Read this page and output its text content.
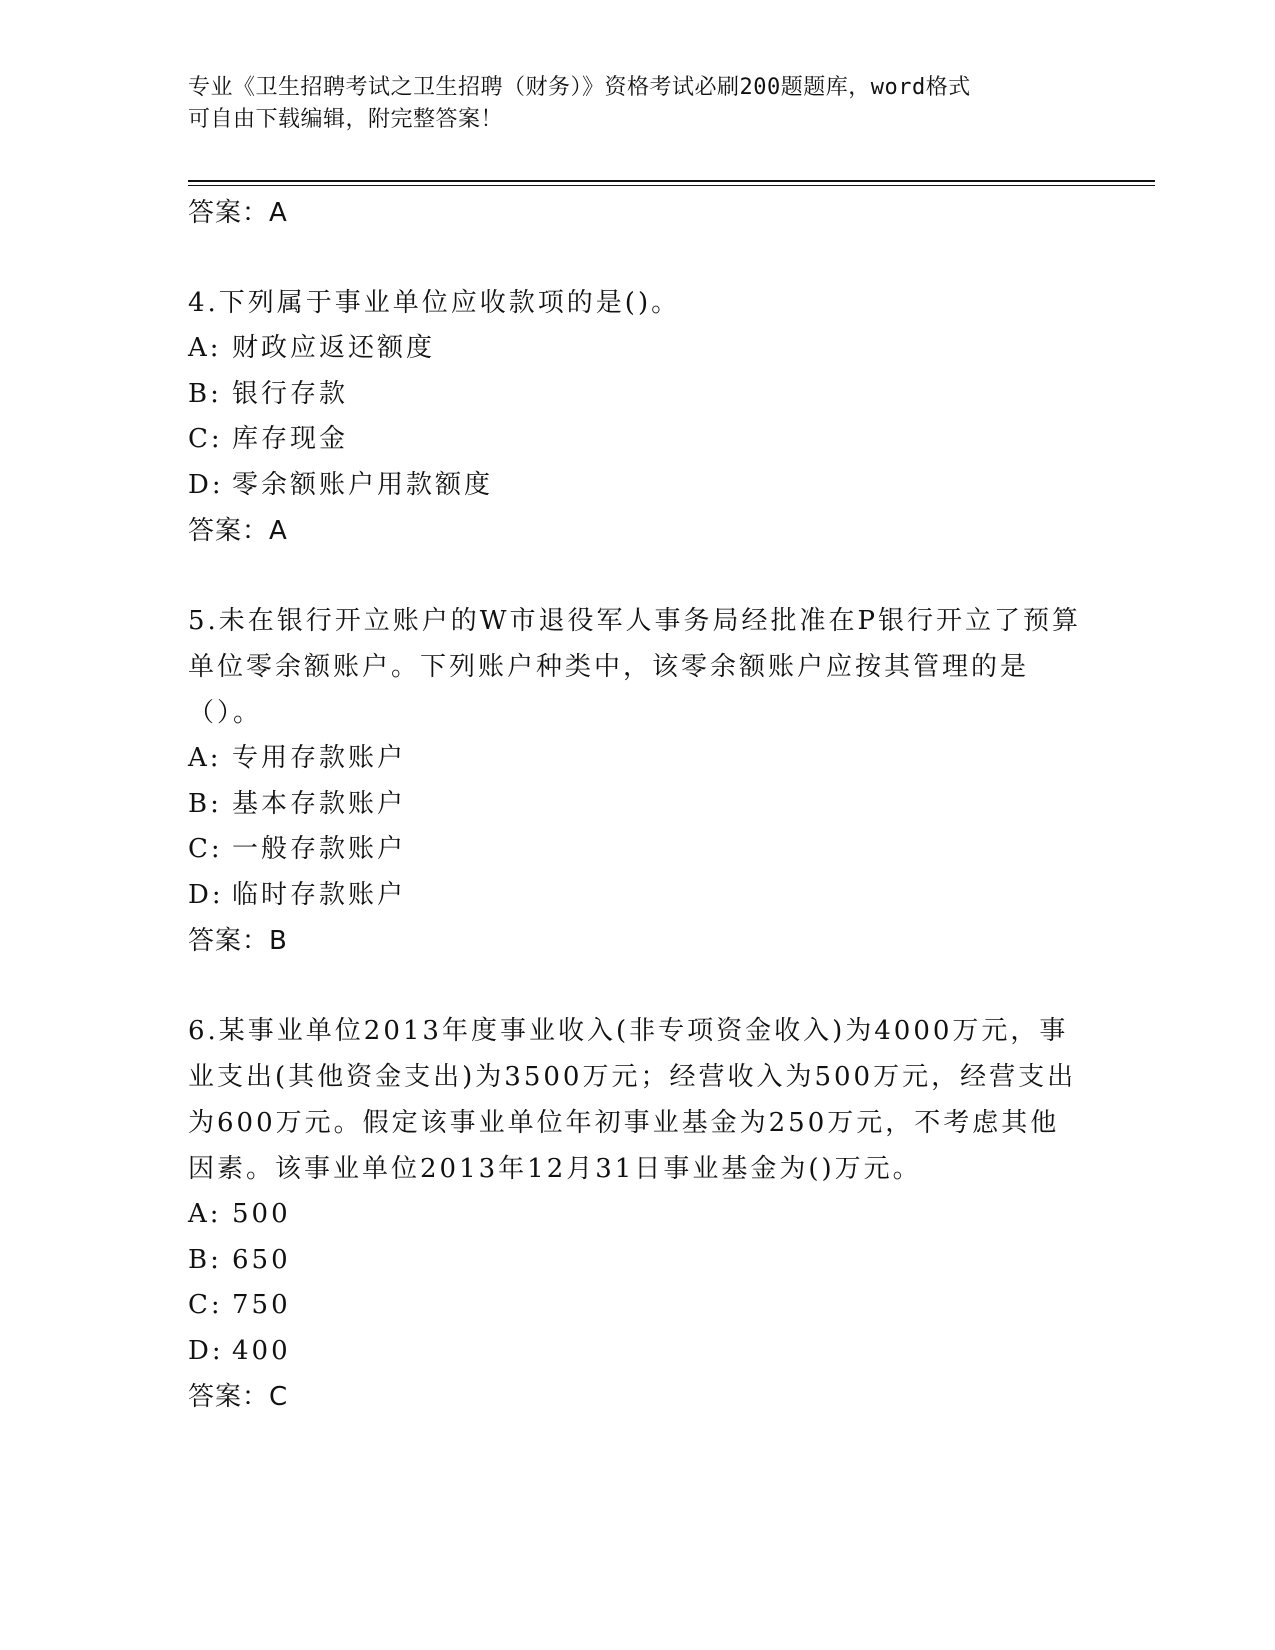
专业《卫生招聘考试之卫生招聘（财务）》资格考试必刷200题题库，word格式
可自由下载编辑，附完整答案！
答案：A
4.下列属于事业单位应收款项的是()。
A: 财政应返还额度
B: 银行存款
C: 库存现金
D: 零余额账户用款额度
答案：A
5.未在银行开立账户的W市退役军人事务局经批准在P银行开立了预算单位零余额账户。下列账户种类中，该零余额账户应按其管理的是（）。
A: 专用存款账户
B: 基本存款账户
C: 一般存款账户
D: 临时存款账户
答案：B
6.某事业单位2013年度事业收入(非专项资金收入)为4000万元，事业支出(其他资金支出)为3500万元；经营收入为500万元，经营支出为600万元。假定该事业单位年初事业基金为250万元，不考虑其他因素。该事业单位2013年12月31日事业基金为()万元。
A: 500
B: 650
C: 750
D: 400
答案：C
